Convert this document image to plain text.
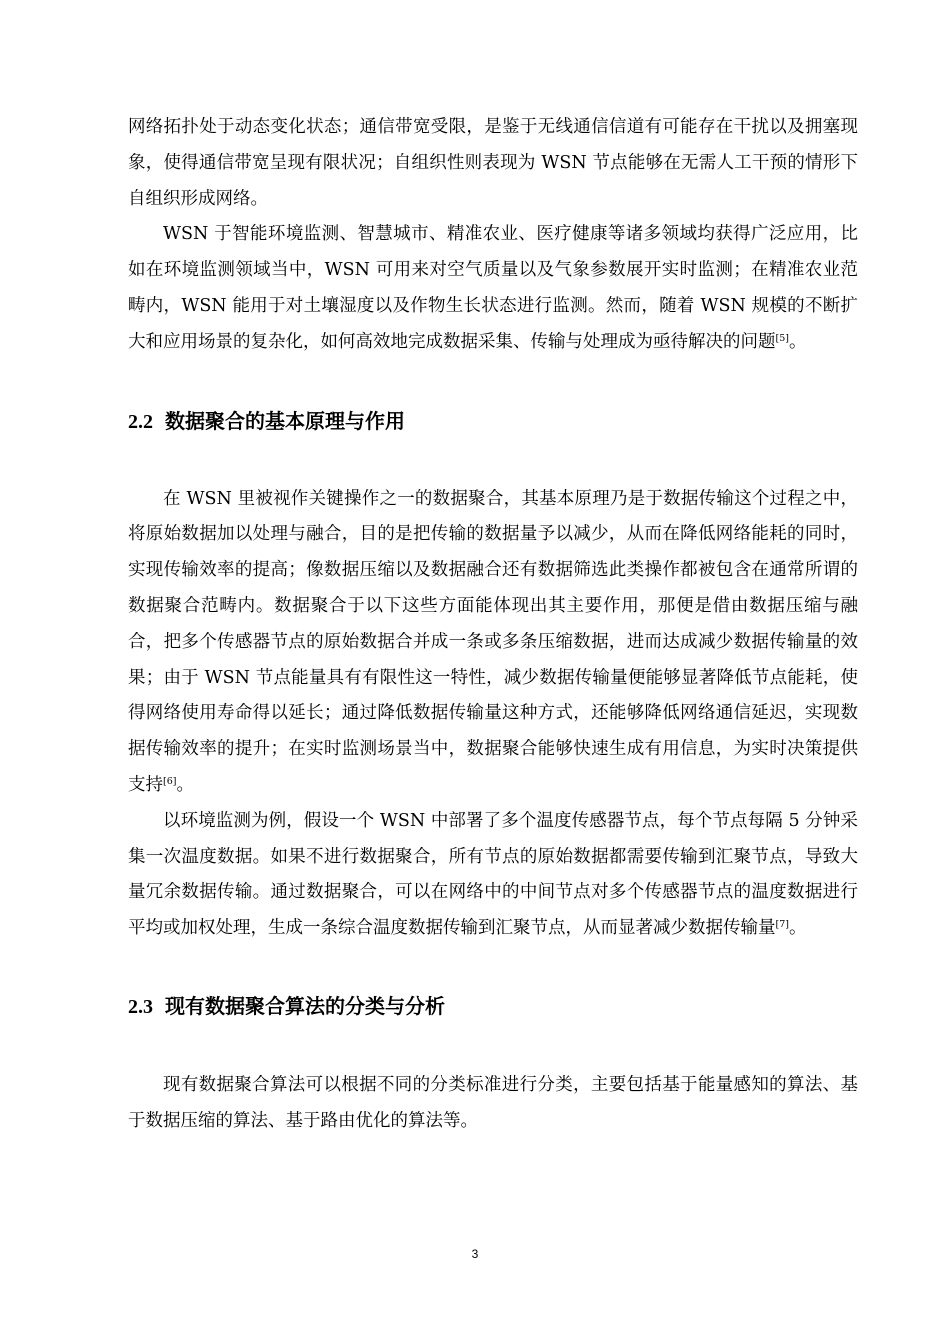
网络拓扑处于动态变化状态；通信带宽受限，是鉴于无线通信信道有可能存在干扰以及拥塞现象，使得通信带宽呈现有限状况；自组织性则表现为 WSN 节点能够在无需人工干预的情形下自组织形成网络。

WSN 于智能环境监测、智慧城市、精准农业、医疗健康等诸多领域均获得广泛应用，比如在环境监测领域当中，WSN 可用来对空气质量以及气象参数展开实时监测；在精准农业范畴内，WSN 能用于对土壤湿度以及作物生长状态进行监测。然而，随着 WSN 规模的不断扩大和应用场景的复杂化，如何高效地完成数据采集、传输与处理成为亟待解决的问题[5]。

2.2 数据聚合的基本原理与作用

在 WSN 里被视作关键操作之一的数据聚合，其基本原理乃是于数据传输这个过程之中，将原始数据加以处理与融合，目的是把传输的数据量予以减少，从而在降低网络能耗的同时，实现传输效率的提高；像数据压缩以及数据融合还有数据筛选此类操作都被包含在通常所谓的数据聚合范畴内。数据聚合于以下这些方面能体现出其主要作用，那便是借由数据压缩与融合，把多个传感器节点的原始数据合并成一条或多条压缩数据，进而达成减少数据传输量的效果；由于 WSN 节点能量具有有限性这一特性，减少数据传输量便能够显著降低节点能耗，使得网络使用寿命得以延长；通过降低数据传输量这种方式，还能够降低网络通信延迟，实现数据传输效率的提升；在实时监测场景当中，数据聚合能够快速生成有用信息，为实时决策提供支持[6]。

以环境监测为例，假设一个 WSN 中部署了多个温度传感器节点，每个节点每隔 5 分钟采集一次温度数据。如果不进行数据聚合，所有节点的原始数据都需要传输到汇聚节点，导致大量冗余数据传输。通过数据聚合，可以在网络中的中间节点对多个传感器节点的温度数据进行平均或加权处理，生成一条综合温度数据传输到汇聚节点，从而显著减少数据传输量[7]。

2.3 现有数据聚合算法的分类与分析

现有数据聚合算法可以根据不同的分类标准进行分类，主要包括基于能量感知的算法、基于数据压缩的算法、基于路由优化的算法等。

3
